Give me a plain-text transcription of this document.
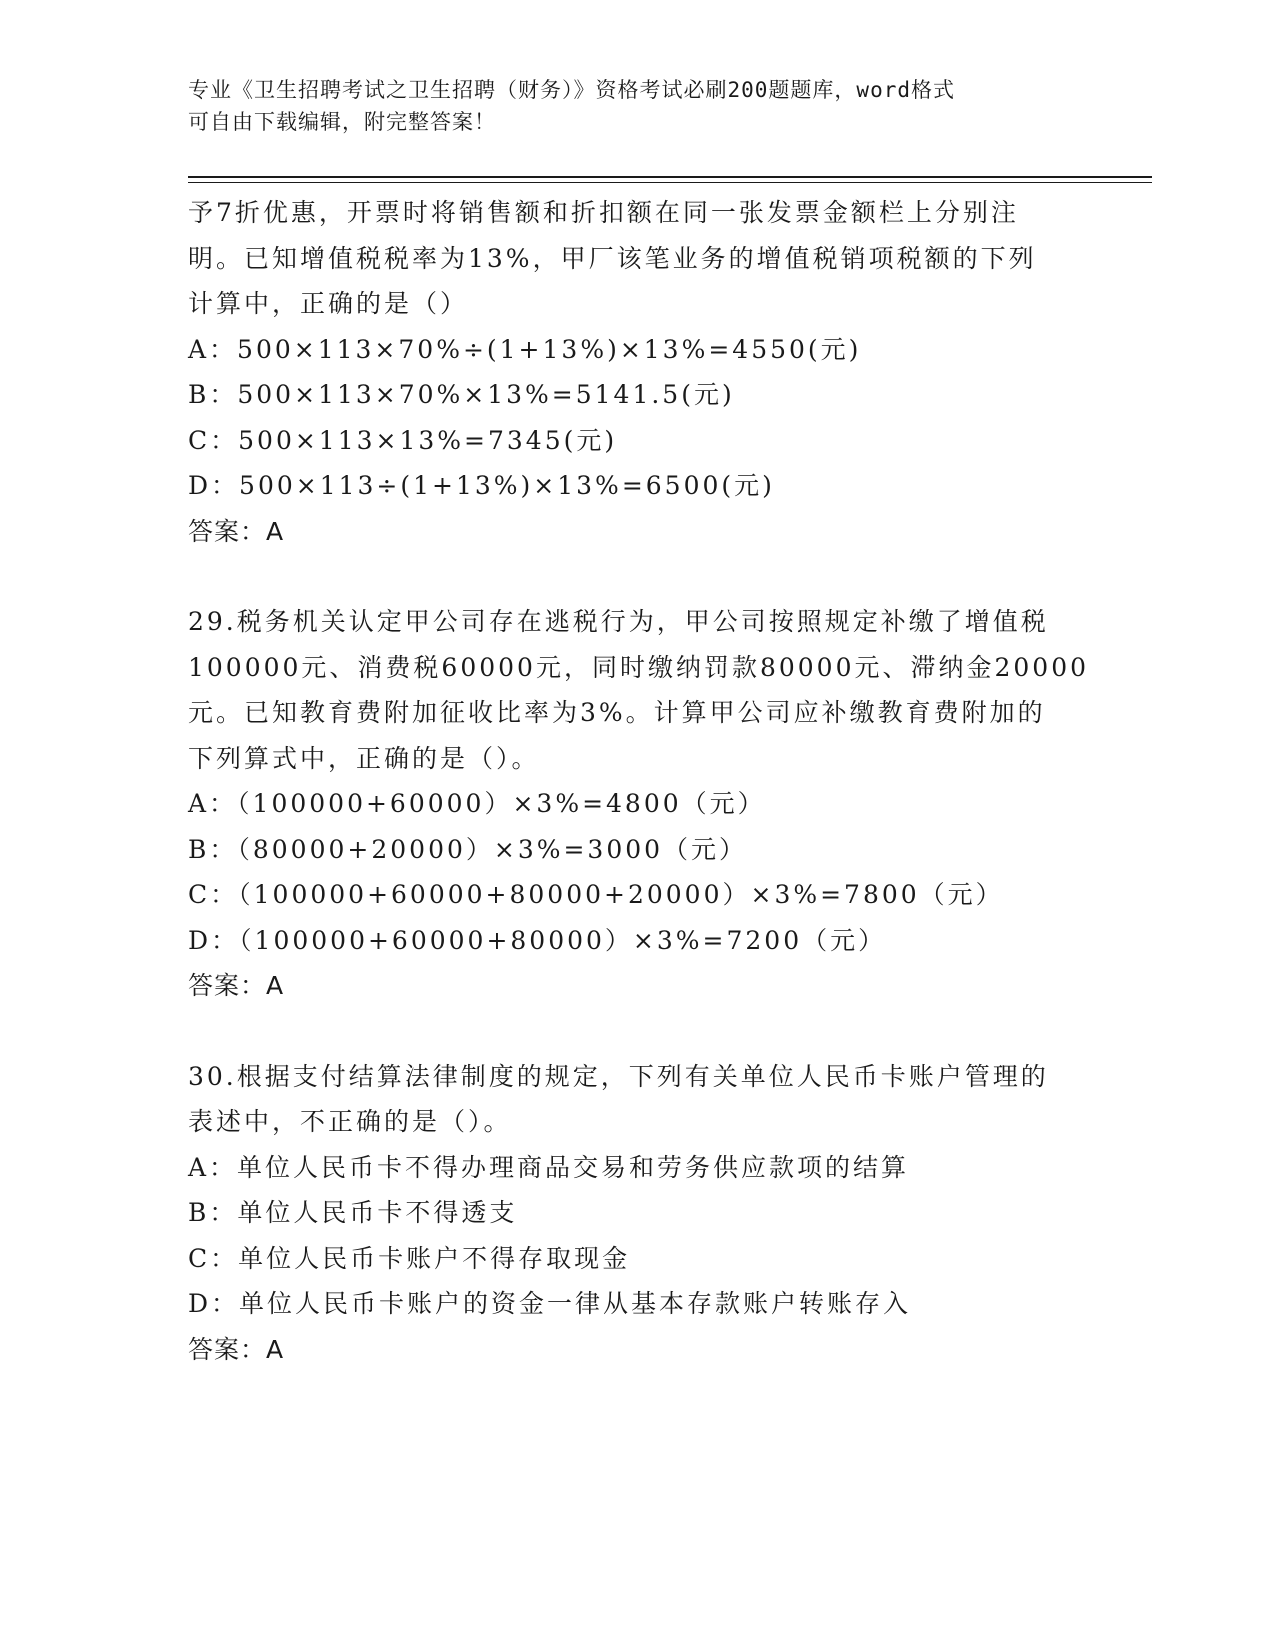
专业《卫生招聘考试之卫生招聘（财务）》资格考试必刷200题题库，word格式
可自由下载编辑，附完整答案！
予7折优惠，开票时将销售额和折扣额在同一张发票金额栏上分别注
明。已知增值税税率为13%，甲厂该笔业务的增值税销项税额的下列
计算中，正确的是（）
A：500×113×70%÷(1+13%)×13%=4550(元)
B：500×113×70%×13%=5141.5(元)
C：500×113×13%=7345(元)
D：500×113÷(1+13%)×13%=6500(元)
答案：A
29.税务机关认定甲公司存在逃税行为，甲公司按照规定补缴了增值税
100000元、消费税60000元，同时缴纳罚款80000元、滞纳金20000
元。已知教育费附加征收比率为3%。计算甲公司应补缴教育费附加的
下列算式中，正确的是（）。
A：（100000+60000）×3%=4800（元）
B：（80000+20000）×3%=3000（元）
C：（100000+60000+80000+20000）×3%=7800（元）
D：（100000+60000+80000）×3%=7200（元）
答案：A
30.根据支付结算法律制度的规定，下列有关单位人民币卡账户管理的
表述中，不正确的是（）。
A：单位人民币卡不得办理商品交易和劳务供应款项的结算
B：单位人民币卡不得透支
C：单位人民币卡账户不得存取现金
D：单位人民币卡账户的资金一律从基本存款账户转账存入
答案：A
